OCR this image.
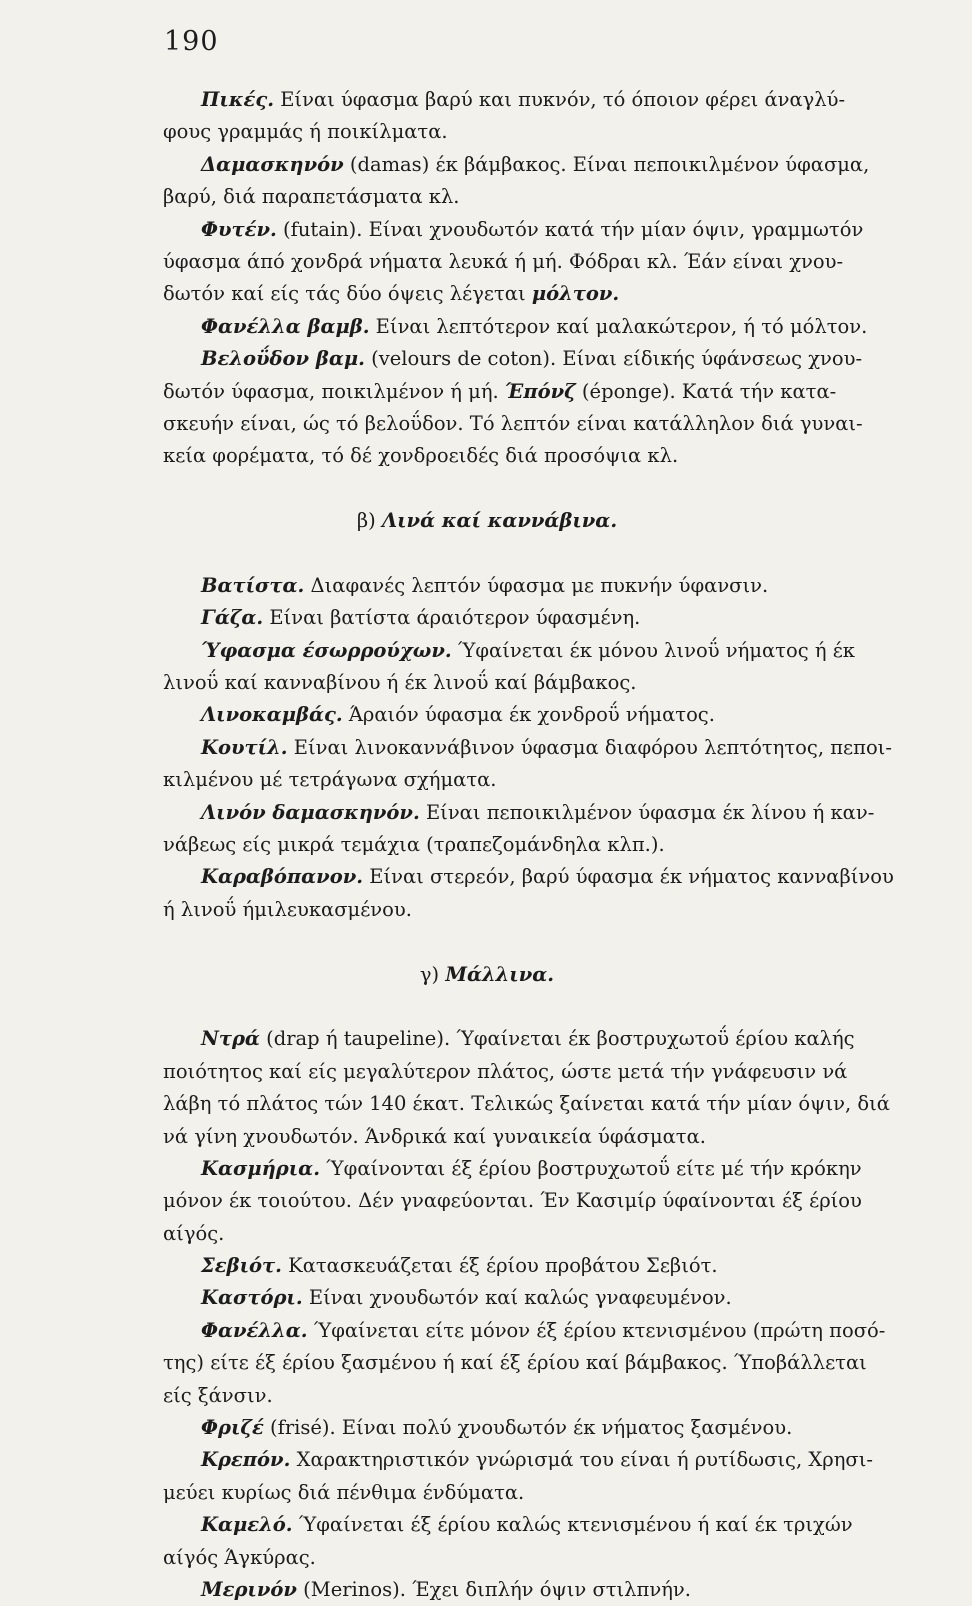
190
Πικές. Είναι ύφασμα βαρύ και πυκνόν, τό όποιον φέρει άναγλύ-
φους γραμμάς ή ποικίλματα.
Δαμασκηνόν (damas) έκ βάμβακος. Είναι πεποικιλμένον ύφασμα,
βαρύ, διά παραπετάσματα κλ.
Φυτέν. (futain). Είναι χνουδωτόν κατά τήν μίαν όψιν, γραμμωτόν
ύφασμα άπό χονδρά νήματα λευκά ή μή. Φόδραι κλ. Έάν είναι χνου-
δωτόν καί είς τάς δύο όψεις λέγεται μόλτον.
Φανέλλα βαμβ. Είναι λεπτότερον καί μαλακώτερον, ή τό μόλτον.
Βελοΰδον βαμ. (velours de coton). Είναι είδικής ύφάνσεως χνου-
δωτόν ύφασμα, ποικιλμένον ή μή. Έπόνζ (éponge). Κατά τήν κατα-
σκευήν είναι, ώς τό βελοΰδον. Τό λεπτόν είναι κατάλληλον διά γυναι-
κεία φορέματα, τό δέ χονδροειδές διά προσόψια κλ.
β) Λινά καί καννάβινα.
Βατίστα. Διαφανές λεπτόν ύφασμα με πυκνήν ύφανσιν.
Γάζα. Είναι βατίστα άραιότερον ύφασμένη.
Ύφασμα έσωρρούχων. Ύφαίνεται έκ μόνου λινοΰ νήματος ή έκ
λινοΰ καί κανναβίνου ή έκ λινοΰ καί βάμβακος.
Λινοκαμβάς. Άραιόν ύφασμα έκ χονδροΰ νήματος.
Κουτίλ. Είναι λινοκαννάβινον ύφασμα διαφόρου λεπτότητος, πεποι-
κιλμένου μέ τετράγωνα σχήματα.
Λινόν δαμασκηνόν. Είναι πεποικιλμένον ύφασμα έκ λίνου ή καν-
νάβεως είς μικρά τεμάχια (τραπεζομάνδηλα κλπ.).
Καραβόπανον. Είναι στερεόν, βαρύ ύφασμα έκ νήματος κανναβίνου
ή λινοΰ ήμιλευκασμένου.
γ) Μάλλινα.
Ντρά (drap ή taupeline). Ύφαίνεται έκ βοστρυχωτοΰ έρίου καλής
ποιότητος καί είς μεγαλύτερον πλάτος, ώστε μετά τήν γνάφευσιν νά
λάβη τό πλάτος τών 140 έκατ. Τελικώς ξαίνεται κατά τήν μίαν όψιν, διά
νά γίνη χνουδωτόν. Άνδρικά καί γυναικεία ύφάσματα.
Κασμήρια. Ύφαίνονται έξ έρίου βοστρυχωτοΰ είτε μέ τήν κρόκην
μόνον έκ τοιούτου. Δέν γναφεύονται. Έν Κασιμίρ ύφαίνονται έξ έρίου
αίγός.
Σεβιότ. Κατασκευάζεται έξ έρίου προβάτου Σεβιότ.
Καστόρι. Είναι χνουδωτόν καί καλώς γναφευμένον.
Φανέλλα. Ύφαίνεται είτε μόνον έξ έρίου κτενισμένου (πρώτη ποσό-
της) είτε έξ έρίου ξασμένου ή καί έξ έρίου καί βάμβακος. Ύποβάλλεται
είς ξάνσιν.
Φριζέ (frisé). Είναι πολύ χνουδωτόν έκ νήματος ξασμένου.
Κρεπόν. Χαρακτηριστικόν γνώρισμά του είναι ή ρυτίδωσις, Χρησι-
μεύει κυρίως διά πένθιμα ένδύματα.
Καμελό. Ύφαίνεται έξ έρίου καλώς κτενισμένου ή καί έκ τριχών
αίγός Άγκύρας.
Μερινόν (Merinos). Έχει διπλήν όψιν στιλπνήν.
